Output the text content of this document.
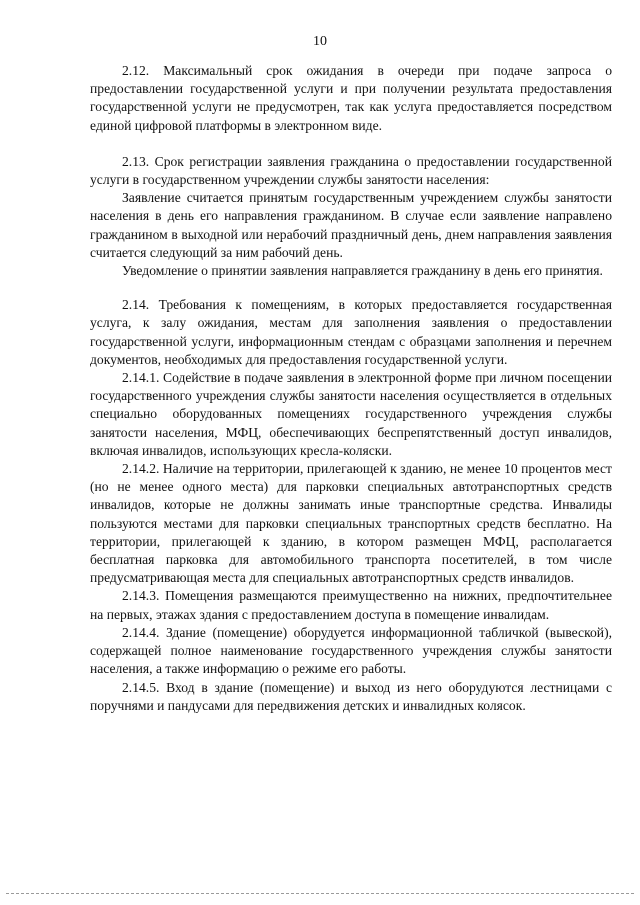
10

2.12. Максимальный срок ожидания в очереди при подаче запроса о предоставлении государственной услуги и при получении результата предоставления государственной услуги не предусмотрен, так как услуга предоставляется посредством единой цифровой платформы в электронном виде.

2.13. Срок регистрации заявления гражданина о предоставлении государственной услуги в государственном учреждении службы занятости населения:

Заявление считается принятым государственным учреждением службы занятости населения в день его направления гражданином. В случае если заявление направлено гражданином в выходной или нерабочий праздничный день, днем направления заявления считается следующий за ним рабочий день.

Уведомление о принятии заявления направляется гражданину в день его принятия.

2.14. Требования к помещениям, в которых предоставляется государственная услуга, к залу ожидания, местам для заполнения заявления о предоставлении государственной услуги, информационным стендам с образцами заполнения и перечнем документов, необходимых для предоставления государственной услуги.

2.14.1. Содействие в подаче заявления в электронной форме при личном посещении государственного учреждения службы занятости населения осуществляется в отдельных специально оборудованных помещениях государственного учреждения службы занятости населения, МФЦ, обеспечивающих беспрепятственный доступ инвалидов, включая инвалидов, использующих кресла-коляски.

2.14.2. Наличие на территории, прилегающей к зданию, не менее 10 процентов мест (но не менее одного места) для парковки специальных автотранспортных средств инвалидов, которые не должны занимать иные транспортные средства. Инвалиды пользуются местами для парковки специальных транспортных средств бесплатно. На территории, прилегающей к зданию, в котором размещен МФЦ, располагается бесплатная парковка для автомобильного транспорта посетителей, в том числе предусматривающая места для специальных автотранспортных средств инвалидов.

2.14.3. Помещения размещаются преимущественно на нижних, предпочтительнее на первых, этажах здания с предоставлением доступа в помещение инвалидам.

2.14.4. Здание (помещение) оборудуется информационной табличкой (вывеской), содержащей полное наименование государственного учреждения службы занятости населения, а также информацию о режиме его работы.

2.14.5. Вход в здание (помещение) и выход из него оборудуются лестницами с поручнями и пандусами для передвижения детских и инвалидных колясок.
